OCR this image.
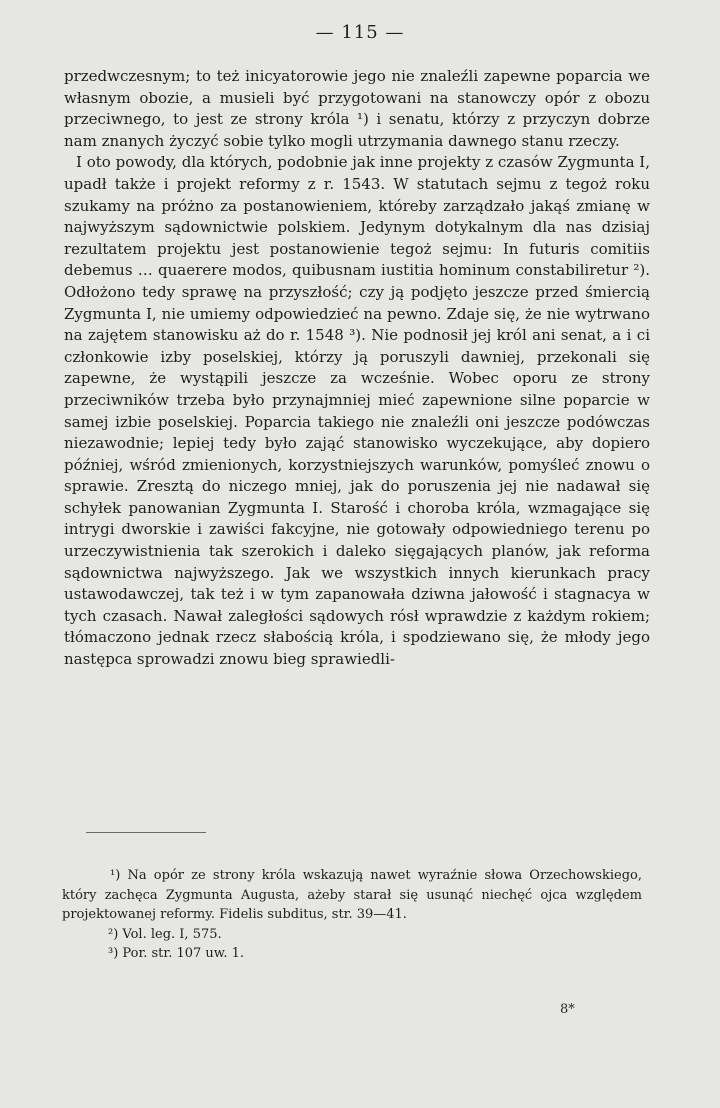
— 115 —

przedwczesnym; to też inicyatorowie jego nie znaleźli zapewne poparcia we własnym obozie, a musieli być przygotowani na stanowczy opór z obozu przeciwnego, to jest ze strony króla ¹) i senatu, którzy z przyczyn dobrze nam znanych życzyć sobie tylko mogli utrzymania dawnego stanu rzeczy.

I oto powody, dla których, podobnie jak inne projekty z czasów Zygmunta I, upadł także i projekt reformy z r. 1543. W statutach sejmu z tegoż roku szukamy na próżno za postanowieniem, któreby zarządzało jakąś zmianę w najwyższym sądownictwie polskiem. Jedynym dotykalnym dla nas dzisiaj rezultatem projektu jest postanowienie tegoż sejmu: In futuris comitiis debemus … quaerere modos, quibusnam iustitia hominum constabiliretur ²). Odłożono tedy sprawę na przyszłość; czy ją podjęto jeszcze przed śmiercią Zygmunta I, nie umiemy odpowiedzieć na pewno. Zdaje się, że nie wytrwano na zajętem stanowisku aż do r. 1548 ³). Nie podnosił jej król ani senat, a i ci członkowie izby poselskiej, którzy ją poruszyli dawniej, przekonali się zapewne, że wystąpili jeszcze za wcześnie. Wobec oporu ze strony przeciwników trzeba było przynajmniej mieć zapewnione silne poparcie w samej izbie poselskiej. Poparcia takiego nie znaleźli oni jeszcze podówczas niezawodnie; lepiej tedy było zająć stanowisko wyczekujące, aby dopiero później, wśród zmienionych, korzystniejszych warunków, pomyśleć znowu o sprawie. Zresztą do niczego mniej, jak do poruszenia jej nie nadawał się schyłek panowanian Zygmunta I. Starość i choroba króla, wzmagające się intrygi dworskie i zawiści fakcyjne, nie gotowały odpowiedniego terenu po urzeczywistnienia tak szerokich i daleko sięgających planów, jak reforma sądownictwa najwyższego. Jak we wszystkich innych kierunkach pracy ustawodawczej, tak też i w tym zapanowała dziwna jałowość i stagnacya w tych czasach. Nawał zaległości sądowych rósł wprawdzie z każdym rokiem; tłómaczono jednak rzecz słabością króla, i spodziewano się, że młody jego następca sprowadzi znowu bieg sprawiedli-

¹) Na opór ze strony króla wskazują nawet wyraźnie słowa Orzechowskiego, który zachęca Zygmunta Augusta, ażeby starał się usunąć niechęć ojca względem projektowanej reformy. Fidelis subditus, str. 39—41.

²) Vol. leg. I, 575.

³) Por. str. 107 uw. 1.

8*
